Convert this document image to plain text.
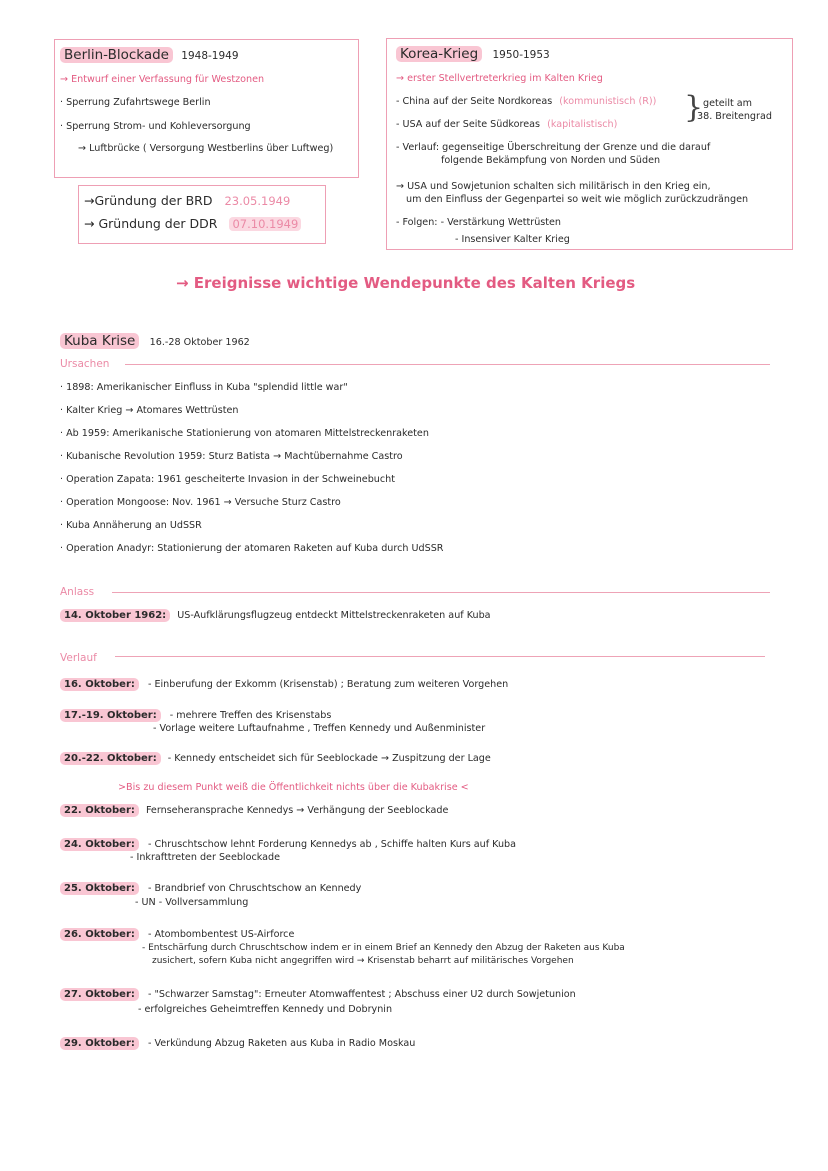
Berlin-Blockade 1948-1949
→ Entwurf einer Verfassung für Westzonen
· Sperrung Zufahrtswege Berlin
· Sperrung Strom- und Kohleversorgung
→ Luftbrücke ( Versorgung Westberlins über Luftweg)
→Gründung der BRD 23.05.1949
→ Gründung der DDR 07.10.1949
Korea-Krieg 1950-1953
→ erster Stellvertreterkrieg im Kalten Krieg
- China auf der Seite Nordkoreas (kommunistisch (R))
- USA auf der Seite Südkoreas (kapitalistisch) } geteilt am
38. Breitengrad
- Verlauf: gegenseitige Überschreitung der Grenze und die darauf
folgende Bekämpfung von Norden und Süden
→ USA und Sowjetunion schalten sich militärisch in den Krieg ein,
um den Einfluss der Gegenpartei so weit wie möglich zurückzudrängen
- Folgen: - Verstärkung Wettrüsten
- Insensiver Kalter Krieg
→ Ereignisse wichtige Wendepunkte des Kalten Kriegs
Kuba Krise 16.-28 Oktober 1962
Ursachen
· 1898: Amerikanischer Einfluss in Kuba "splendid little war"
· Kalter Krieg → Atomares Wettrüsten
· Ab 1959: Amerikanische Stationierung von atomaren Mittelstreckenraketen
· Kubanische Revolution 1959: Sturz Batista → Machtübernahme Castro
· Operation Zapata: 1961 gescheiterte Invasion in der Schweinebucht
· Operation Mongoose: Nov. 1961 → Versuche Sturz Castro
· Kuba Annäherung an UdSSR
· Operation Anadyr: Stationierung der atomaren Raketen auf Kuba durch UdSSR
Anlass
14. Oktober 1962: US-Aufklärungsflugzeug entdeckt Mittelstreckenraketen auf Kuba
Verlauf
16. Oktober: - Einberufung der Exkomm (Krisenstab) ; Beratung zum weiteren Vorgehen
17.-19. Oktober: - mehrere Treffen des Krisenstabs
- Vorlage weitere Luftaufnahme , Treffen Kennedy und Außenminister
20.-22. Oktober: - Kennedy entscheidet sich für Seeblockade → Zuspitzung der Lage
>Bis zu diesem Punkt weiß die Öffentlichkeit nichts über die Kubakrise <
22. Oktober: Fernseheransprache Kennedys → Verhängung der Seeblockade
24. Oktober: - Chruschtschow lehnt Forderung Kennedys ab , Schiffe halten Kurs auf Kuba
- Inkrafttreten der Seeblockade
25. Oktober: - Brandbrief von Chruschtschow an Kennedy
- UN - Vollversammlung
26. Oktober: - Atombombentest US-Airforce
- Entschärfung durch Chruschtschow indem er in einem Brief an Kennedy den Abzug der Raketen aus Kuba
zusichert, sofern Kuba nicht angegriffen wird → Krisenstab beharrt auf militärisches Vorgehen
27. Oktober: - "Schwarzer Samstag": Erneuter Atomwaffentest ; Abschuss einer U2 durch Sowjetunion
- erfolgreiches Geheimtreffen Kennedy und Dobrynin
29. Oktober: - Verkündung Abzug Raketen aus Kuba in Radio Moskau
